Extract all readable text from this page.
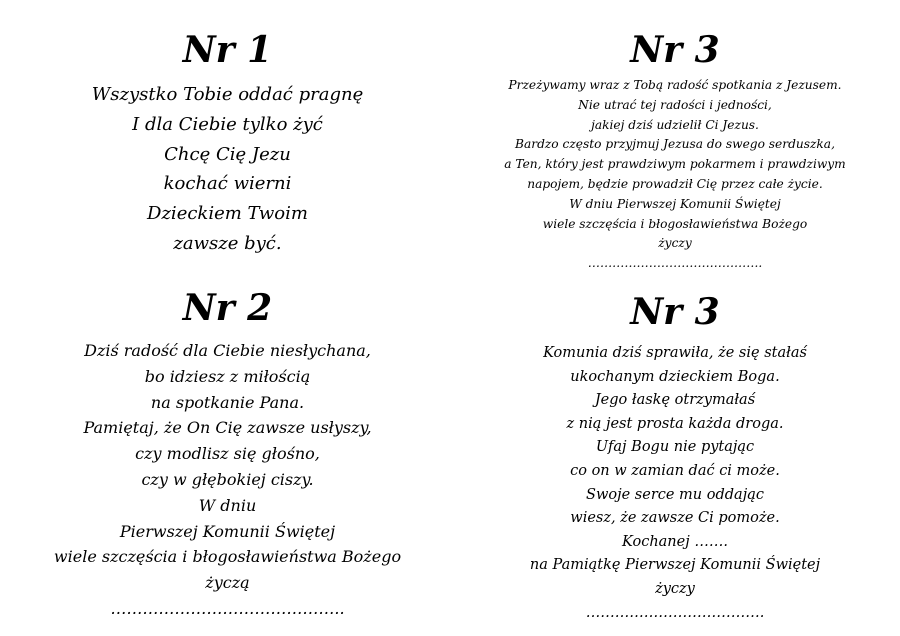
Nr 1
Wszystko Tobie oddać pragnę
I dla Ciebie tylko żyć
Chcę Cię Jezu
kochać wierni
Dzieckiem Twoim
zawsze być.
Nr 2
Dziś radość dla Ciebie niesłychana,
bo idziesz z miłością
na spotkanie Pana.
Pamiętaj, że On Cię zawsze usłyszy,
czy modlisz się głośno,
czy w głębokiej ciszy.
W dniu
Pierwszej Komunii Świętej
wiele szczęścia i błogosławieństwa Bożego
życzą
……………………………………..
Nr 3
Przeżywamy wraz z Tobą radość spotkania z Jezusem.
Nie utrać tej radości i jedności,
jakiej dziś udzielił Ci Jezus.
Bardzo często przyjmuj Jezusa do swego serduszka,
a Ten, który jest prawdziwym pokarmem i prawdziwym
napojem, będzie prowadził Cię przez całe życie.
W dniu Pierwszej Komunii Świętej
wiele szczęścia i błogosławieństwa Bożego
życzy
…………………………………….
Nr 3
Komunia dziś sprawiła, że się stałaś
ukochanym dzieckiem Boga.
Jego łaskę otrzymałaś
z nią jest prosta każda droga.
Ufaj Bogu nie pytając
co on w zamian dać ci może.
Swoje serce mu oddając
wiesz, że zawsze Ci pomoże.
Kochanej …….
na Pamiątkę Pierwszej Komunii Świętej
życzy
……………………………….
